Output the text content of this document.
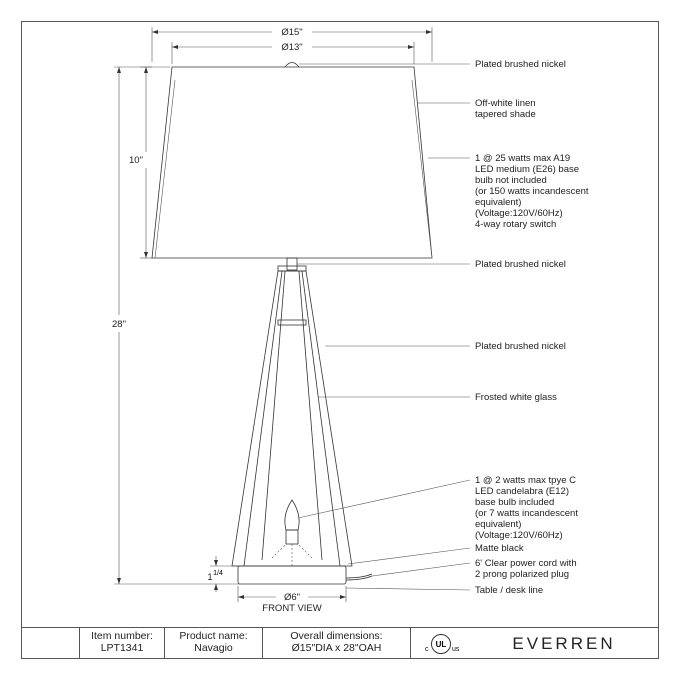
Ø15"
Ø13"
28"
10"
1 1/4
Ø6"
FRONT VIEW
Plated brushed nickel
Off-white linen tapered shade
1 @ 25 watts max A19 LED medium (E26) base bulb not included (or 150 watts incandescent equivalent) (Voltage:120V/60Hz) 4-way rotary switch
Plated brushed nickel
Plated brushed nickel
Frosted white glass
1 @ 2 watts max tpye C LED candelabra (E12) base bulb included (or 7 watts incandescent equivalent) (Voltage:120V/60Hz)
Matte black
6' Clear power cord with 2 prong polarized plug
Table / desk line
Item number:
LPT1341
Product name:
Navagio
Overall dimensions:
Ø15"DIA x 28"OAH	c
UL
us	EVERREN
